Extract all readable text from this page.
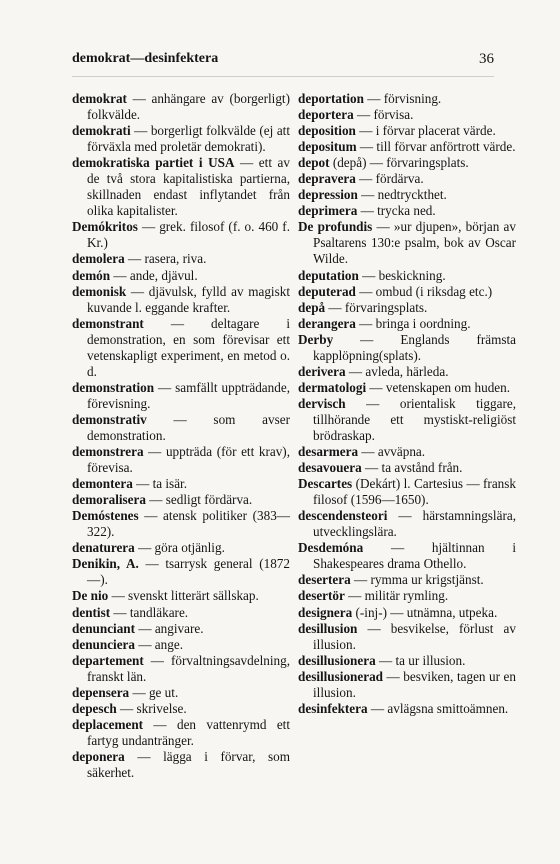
demokrat—desinfektera	36

demokrat — anhängare av (borgerligt) folkvälde.

demokrati — borgerligt folkvälde (ej att förväxla med proletär demokrati).

demokratiska partiet i USA — ett av de två stora kapitalistiska partierna, skillnaden endast inflytandet från olika kapitalister.

Demókritos — grek. filosof (f. o. 460 f. Kr.)

demolera — rasera, riva.

demón — ande, djävul.

demonisk — djävulsk, fylld av magiskt kuvande l. eggande krafter.

demonstrant — deltagare i demonstration, en som förevisar ett vetenskapligt experiment, en metod o. d.

demonstration — samfällt uppträdande, förevisning.

demonstrativ — som avser demonstration.

demonstrera — uppträda (för ett krav), förevisa.

demontera — ta isär.

demoralisera — sedligt fördärva.

Demóstenes — atensk politiker (383—322).

denaturera — göra otjänlig.

Denikin, A. — tsarrysk general (1872—).

De nio — svenskt litterärt sällskap.

dentist — tandläkare.

denunciant — angivare.

denunciera — ange.

departement — förvaltningsavdelning, franskt län.

depensera — ge ut.

depesch — skrivelse.

deplacement — den vattenrymd ett fartyg undantränger.

deponera — lägga i förvar, som säkerhet.

deportation — förvisning.

deportera — förvisa.

deposition — i förvar placerat värde.

depositum — till förvar anförtrott värde.

depot (depå) — förvaringsplats.

depravera — fördärva.

depression — nedtryckthet.

deprimera — trycka ned.

De profundis — »ur djupen», början av Psaltarens 130:e psalm, bok av Oscar Wilde.

deputation — beskickning.

deputerad — ombud (i riksdag etc.)

depå — förvaringsplats.

derangera — bringa i oordning.

Derby — Englands främsta kapplöpning(splats).

derivera — avleda, härleda.

dermatologi — vetenskapen om huden.

dervisch — orientalisk tiggare, tillhörande ett mystiskt-religiöst brödraskap.

desarmera — avväpna.

desavouera — ta avstånd från.

Descartes (Dekárt) l. Cartesius — fransk filosof (1596—1650).

descendensteori — härstamningslära, utvecklingslära.

Desdemóna — hjältinnan i Shakespeares drama Othello.

desertera — rymma ur krigstjänst.

desertör — militär rymling.

designera (-inj-) — utnämna, utpeka.

desillusion — besvikelse, förlust av illusion.

desillusionera — ta ur illusion.

desillusionerad — besviken, tagen ur en illusion.

desinfektera — avlägsna smittoämnen.
